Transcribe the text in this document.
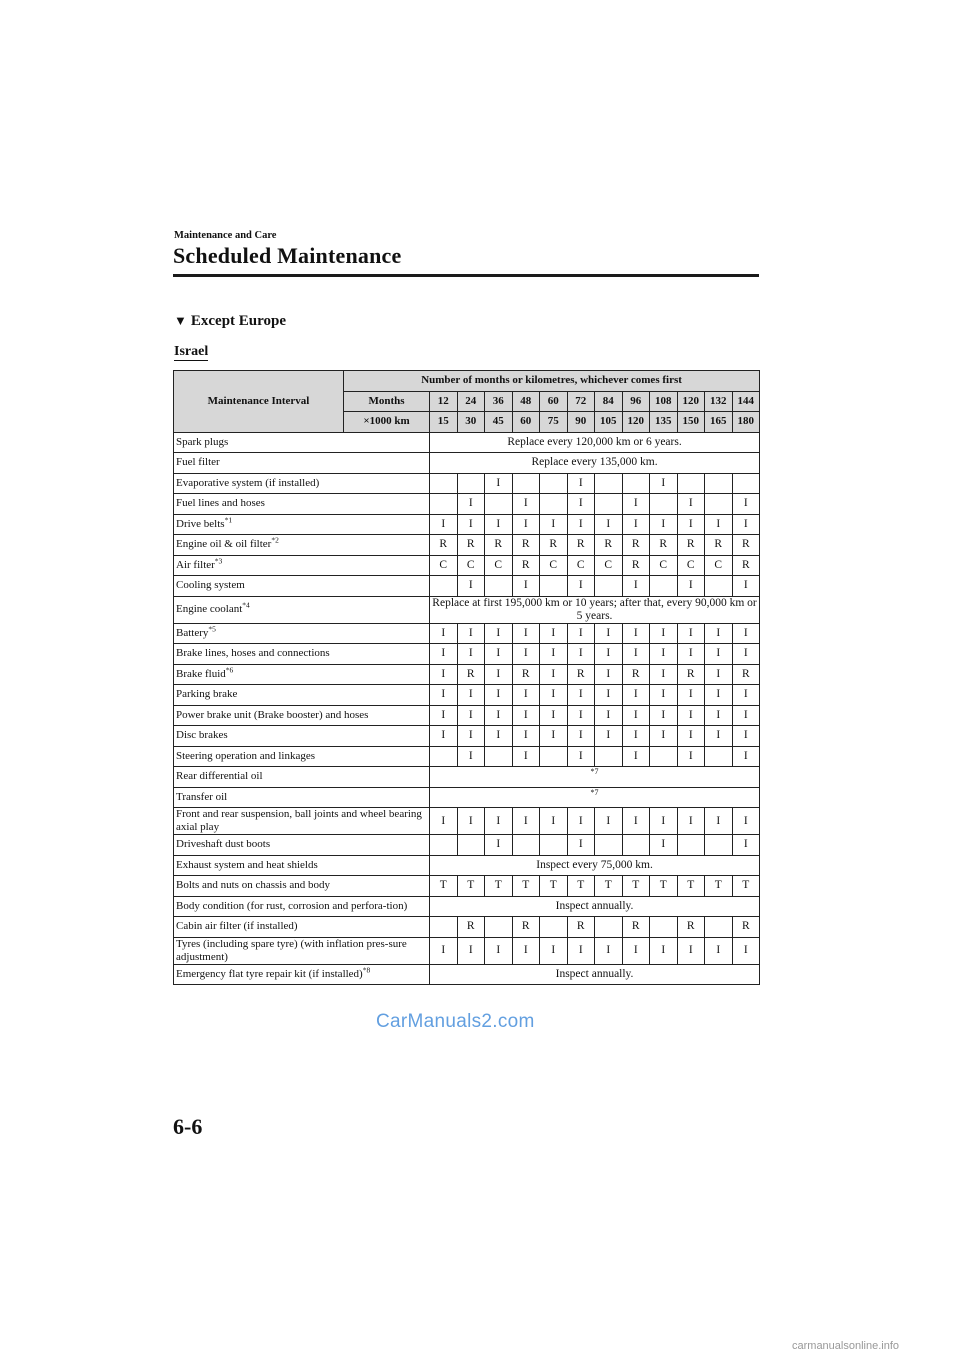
Maintenance and Care
Scheduled Maintenance
▼ Except Europe
Israel
Maintenance Interval	Number of months or kilometres, whichever comes first												
	Months	12	24	36	48	60	72	84	96	108	120	132	144
	×1000 km	15	30	45	60	75	90	105	120	135	150	165	180
Spark plugs		Replace every 120,000 km or 6 years.											
Fuel filter		Replace every 135,000 km.											
Evaporative system (if installed)				I			I			I			
Fuel lines and hoses			I		I		I		I		I		I
Drive belts$^{*1}$		I	I	I	I	I	I	I	I	I	I	I	I
Engine oil & oil filter$^{*2}$		R	R	R	R	R	R	R	R	R	R	R	R
Air filter$^{*3}$		C	C	C	R	C	C	C	R	C	C	C	R
Cooling system			I		I		I		I		I		I
Engine coolant$^{*4}$		Replace at first 195,000 km or 10 years; after that, every 90,000 km or 5 years.											
Battery$^{*5}$		I	I	I	I	I	I	I	I	I	I	I	I
Brake lines, hoses and connections		I	I	I	I	I	I	I	I	I	I	I	I
Brake fluid$^{*6}$		I	R	I	R	I	R	I	R	I	R	I	R
Parking brake		I	I	I	I	I	I	I	I	I	I	I	I
Power brake unit (Brake booster) and hoses		I	I	I	I	I	I	I	I	I	I	I	I
Disc brakes		I	I	I	I	I	I	I	I	I	I	I	I
Steering operation and linkages			I		I		I		I		I		I
Rear differential oil		$^{*7}$
Transfer oil		$^{*7}$
Front and rear suspension, ball joints and wheel bearing axial play		I	I	I	I	I	I	I	I	I	I	I	I
Driveshaft dust boots				I			I			I			I
Exhaust system and heat shields		Inspect every 75,000 km.											
Bolts and nuts on chassis and body		T	T	T	T	T	T	T	T	T	T	T	T
Body condition (for rust, corrosion and perfora-tion)		Inspect annually.											
Cabin air filter (if installed)			R		R		R		R		R		R
Tyres (including spare tyre) (with inflation pres-sure adjustment)		I	I	I	I	I	I	I	I	I	I	I	I
Emergency flat tyre repair kit (if installed)$^{*8}$		Inspect annually.											
6-6
CarManuals2.com
carmanualsonline.info
